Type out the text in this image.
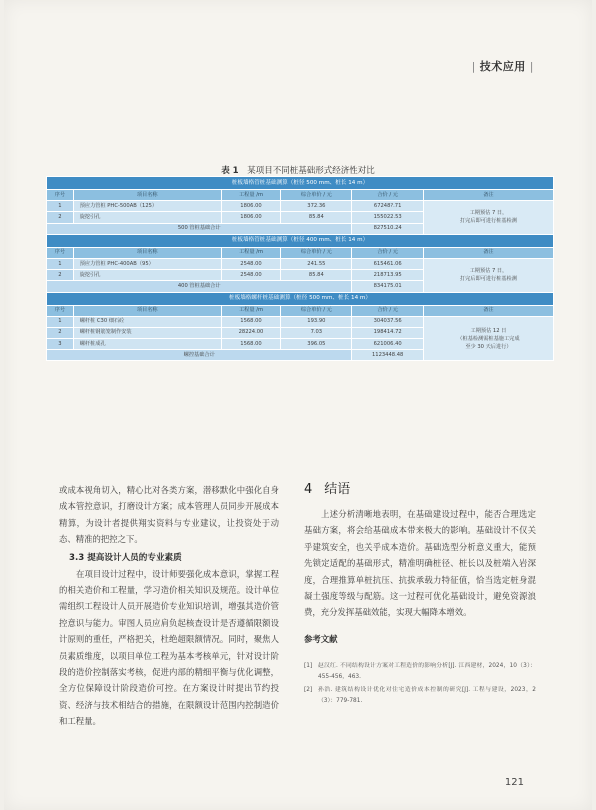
| 技术应用 |
表 1 某项目不同桩基础形式经济性对比
桩板墙格管桩基础测算（桩径 500 mm、桩长 14 m）					
序号	项目名称	工程量 /m	综合单价 / 元	合价 / 元	备注
1	预应力管桩 PHC-500AB（125）	1806.00	372.36	67248?.71	工期预估 7 日，
打完后即可进行桩基检测

2	旋挖引孔	1806.00	85.84	155022.53	
500 管桩基础合计				827510.24	
桩板墙格管桩基础测算（桩径 400 mm、桩长 14 m）					
序号	项目名称	工程量 /m	综合单价 / 元	合价 / 元	备注
1	预应力管桩 PHC-400AB（95）	2548.00	241.55	615461.06	工期预估 7 日，
打完后即可进行桩基检测

2	旋挖引孔	2548.00	85.84	218713.95	
400 管桩基础合计				834175.01	
桩板墙格螺杆桩基础测算（桩径 500 mm、桩长 14 m）					
序号	项目名称	工程量 /m	综合单价 / 元	合价 / 元	备注
1	螺杆桩 C30 细石砼	1568.00	193.90	304037.56	工期预估 12 日
（桩基检测需桩基施工完成
至少 30 天后进行）

2	螺杆桩钢筋笼制作安装	28224.00	7.03	198414.72	
3	螺杆桩成孔	1568.00	396.05	621006.40	
螺控基础合计				1123448.48	

或成本视角切入，精心比对各类方案，潜移默化中强化自身成本管控意识，打磨设计方案；成本管理人员同步开展成本精算，为设计者提供翔实资料与专业建议，让投资处于动态、精准的把控之下。

3.3 提高设计人员的专业素质

在项目设计过程中，设计师要强化成本意识，掌握工程的相关造价和工程量，学习造价相关知识及规范。设计单位需组织工程设计人员开展造价专业知识培训，增强其造价管控意识与能力。审图人员应肩负起核查设计是否遵循限额设计原则的重任，严格把关，杜绝超限额情况。同时，聚焦人员素质维度，以项目单位工程为基本考核单元，针对设计阶段的造价控制落实考核，促进内部的精细平衡与优化调整，全方位保障设计阶段造价可控。在方案设计时提出节约投资、经济与技术相结合的措施，在限额设计范围内控制造价和工程量。

4 结语

上述分析清晰地表明，在基础建设过程中，能否合理选定基础方案，将会给基础成本带来极大的影响。基础设计不仅关乎建筑安全，也关乎成本造价。基础选型分析意义重大，能预先锁定适配的基础形式，精准明确桩径、桩长以及桩端入岩深度，合理推算单桩抗压、抗拔承载力特征值，恰当选定桩身混凝土强度等级与配筋。这一过程可优化基础设计，避免资源浪费，充分发挥基础效能，实现大幅降本增效。

参考文献
[1] 赵汉红. 不同结构设计方案对工程造价的影响分析[J]. 江西建材，2024，10（3）：455-456，463.
[2] 孙浩. 建筑结构设计优化对住宅造价成本控制的研究[J]. 工程与建设，2023，2（3）：779-781.
121
